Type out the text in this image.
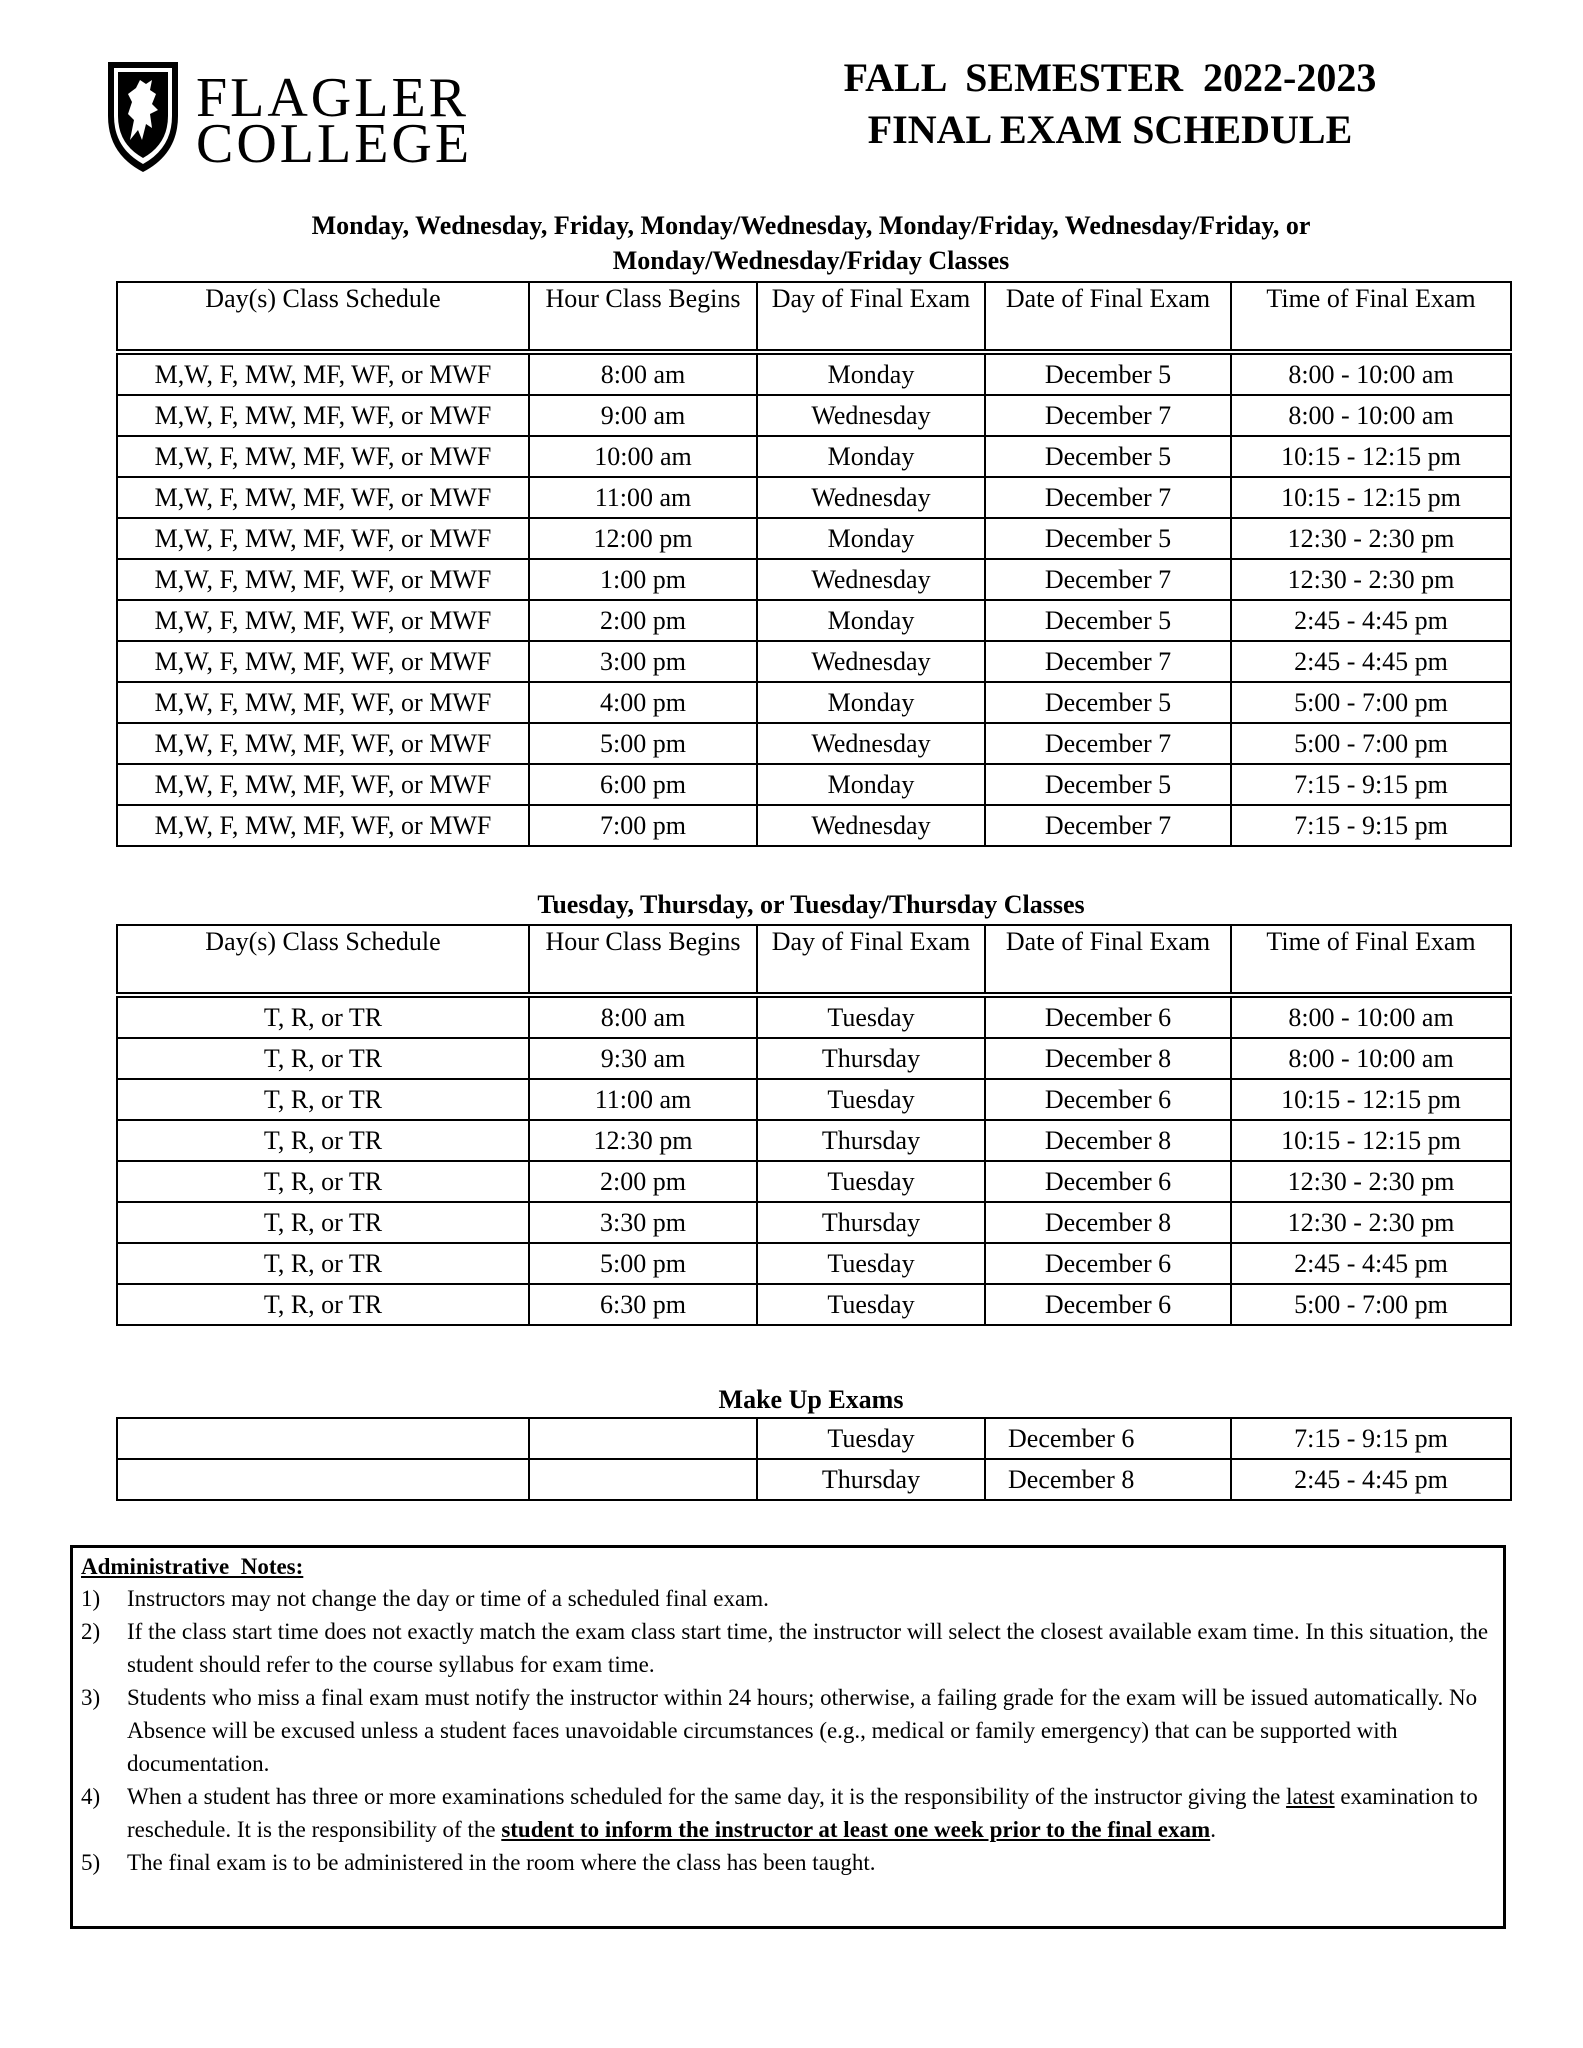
FLAGLER
COLLEGE
FALL  SEMESTER  2022-2023
FINAL EXAM SCHEDULE
Monday, Wednesday, Friday, Monday/Wednesday, Monday/Friday, Wednesday/Friday, or
Monday/Wednesday/Friday Classes
Day(s) Class Schedule	Hour Class Begins	Day of Final Exam	Date of Final Exam	Time of Final Exam
M,W, F, MW, MF, WF, or MWF	8:00 am	Monday	December 5	8:00 - 10:00 am
M,W, F, MW, MF, WF, or MWF	9:00 am	Wednesday	December 7	8:00 - 10:00 am
M,W, F, MW, MF, WF, or MWF	10:00 am	Monday	December 5	10:15 - 12:15 pm
M,W, F, MW, MF, WF, or MWF	11:00 am	Wednesday	December 7	10:15 - 12:15 pm
M,W, F, MW, MF, WF, or MWF	12:00 pm	Monday	December 5	12:30 - 2:30 pm
M,W, F, MW, MF, WF, or MWF	1:00 pm	Wednesday	December 7	12:30 - 2:30 pm
M,W, F, MW, MF, WF, or MWF	2:00 pm	Monday	December 5	2:45 - 4:45 pm
M,W, F, MW, MF, WF, or MWF	3:00 pm	Wednesday	December 7	2:45 - 4:45 pm
M,W, F, MW, MF, WF, or MWF	4:00 pm	Monday	December 5	5:00 - 7:00 pm
M,W, F, MW, MF, WF, or MWF	5:00 pm	Wednesday	December 7	5:00 - 7:00 pm
M,W, F, MW, MF, WF, or MWF	6:00 pm	Monday	December 5	7:15 - 9:15 pm
M,W, F, MW, MF, WF, or MWF	7:00 pm	Wednesday	December 7	7:15 - 9:15 pm
Tuesday, Thursday, or Tuesday/Thursday Classes
Day(s) Class Schedule	Hour Class Begins	Day of Final Exam	Date of Final Exam	Time of Final Exam
T, R, or TR	8:00 am	Tuesday	December 6	8:00 - 10:00 am
T, R, or TR	9:30 am	Thursday	December 8	8:00 - 10:00 am
T, R, or TR	11:00 am	Tuesday	December 6	10:15 - 12:15 pm
T, R, or TR	12:30 pm	Thursday	December 8	10:15 - 12:15 pm
T, R, or TR	2:00 pm	Tuesday	December 6	12:30 - 2:30 pm
T, R, or TR	3:30 pm	Thursday	December 8	12:30 - 2:30 pm
T, R, or TR	5:00 pm	Tuesday	December 6	2:45 - 4:45 pm
T, R, or TR	6:30 pm	Tuesday	December 6	5:00 - 7:00 pm
Make Up Exams
		Tuesday	December 6	7:15 - 9:15 pm
		Thursday	December 8	2:45 - 4:45 pm
Administrative  Notes:
1)	Instructors may not change the day or time of a scheduled final exam.
2)	If the class start time does not exactly match the exam class start time, the instructor will select the closest available exam time. In this situation, the student should refer to the course syllabus for exam time.
3)	Students who miss a final exam must notify the instructor within 24 hours; otherwise, a failing grade for the exam will be issued automatically. No Absence will be excused unless a student faces unavoidable circumstances (e.g., medical or family emergency) that can be supported with documentation.
4)	When a student has three or more examinations scheduled for the same day, it is the responsibility of the instructor giving the latest examination to reschedule. It is the responsibility of the student to inform the instructor at least one week prior to the final exam.
5)	The final exam is to be administered in the room where the class has been taught.
